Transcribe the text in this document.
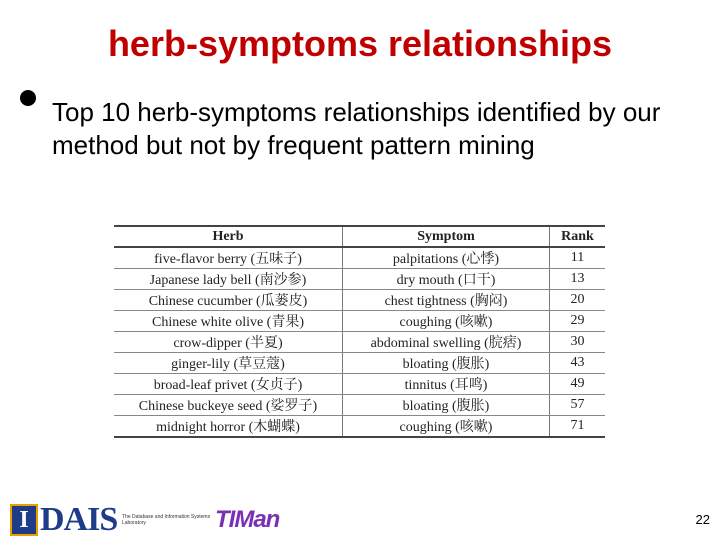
herb-symptoms relationships
Top 10 herb-symptoms relationships identified by our method but not by frequent pattern mining
Herb	Symptom	Rank
five-flavor berry (五味子)	palpitations (心悸)	11
Japanese lady bell (南沙参)	dry mouth (口干)	13
Chinese cucumber (瓜蒌皮)	chest tightness (胸闷)	20
Chinese white olive (青果)	coughing (咳嗽)	29
crow-dipper (半夏)	abdominal swelling (脘痞)	30
ginger-lily (草豆蔻)	bloating (腹胀)	43
broad-leaf privet (女贞子)	tinnitus (耳鸣)	49
Chinese buckeye seed (娑罗子)	bloating (腹胀)	57
midnight horror (木蝴蝶)	coughing (咳嗽)	71
I DAIS The Database and Information Systems Laboratory	TIMan	22
